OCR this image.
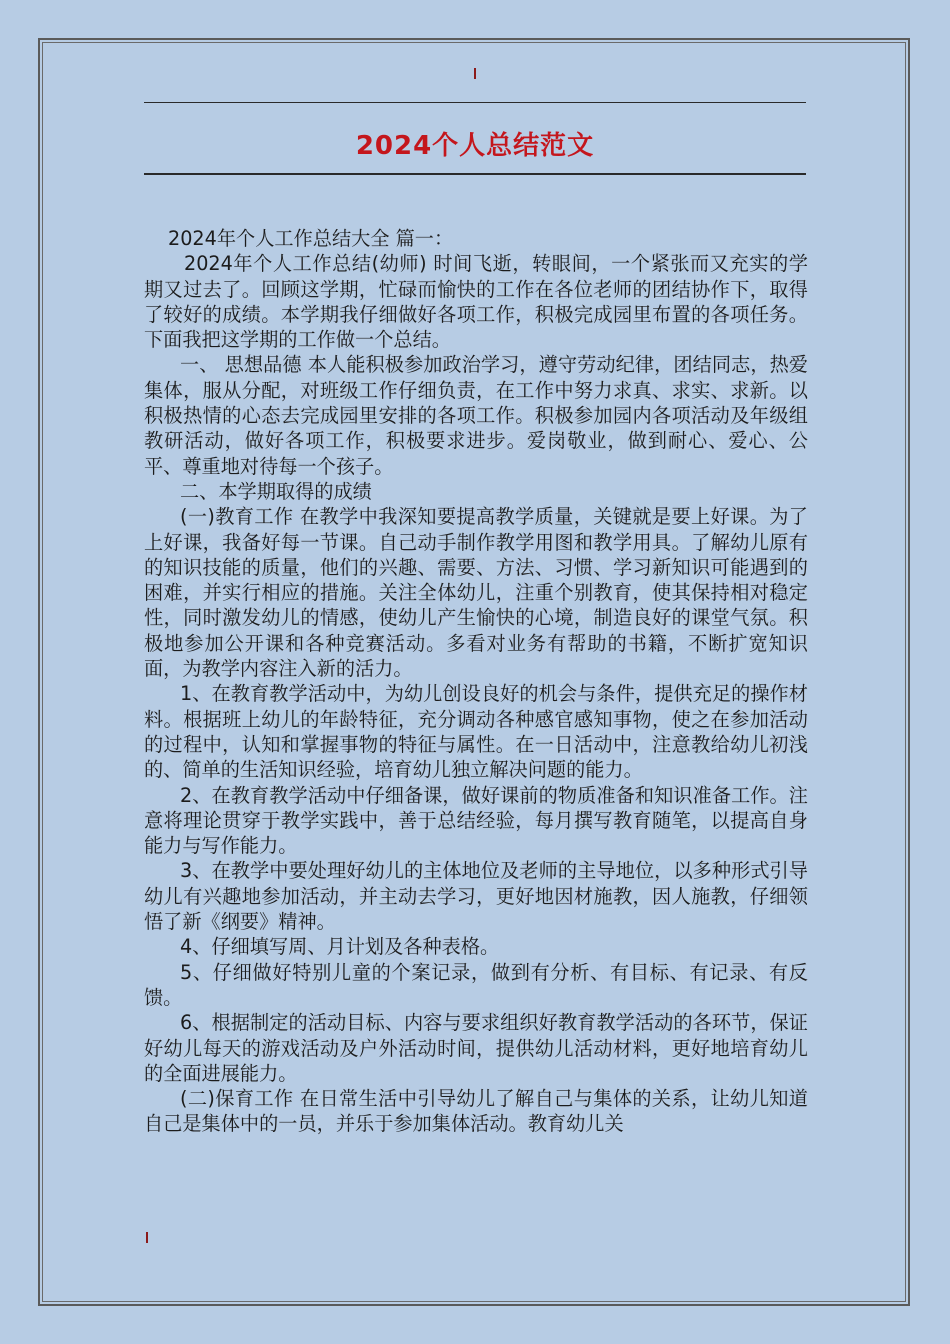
2024个人总结范文

2024年个人工作总结大全 篇一：

2024年个人工作总结(幼师) 时间飞逝，转眼间，一个紧张而又充实的学期又过去了。回顾这学期，忙碌而愉快的工作在各位老师的团结协作下，取得了较好的成绩。本学期我仔细做好各项工作，积极完成园里布置的各项任务。下面我把这学期的工作做一个总结。

一、 思想品德 本人能积极参加政治学习，遵守劳动纪律，团结同志，热爱集体，服从分配，对班级工作仔细负责，在工作中努力求真、求实、求新。以积极热情的心态去完成园里安排的各项工作。积极参加园内各项活动及年级组教研活动，做好各项工作，积极要求进步。爱岗敬业，做到耐心、爱心、公平、尊重地对待每一个孩子。

二、本学期取得的成绩

(一)教育工作 在教学中我深知要提高教学质量，关键就是要上好课。为了上好课，我备好每一节课。自己动手制作教学用图和教学用具。了解幼儿原有的知识技能的质量，他们的兴趣、需要、方法、习惯、学习新知识可能遇到的困难，并实行相应的措施。关注全体幼儿，注重个别教育，使其保持相对稳定性，同时激发幼儿的情感，使幼儿产生愉快的心境，制造良好的课堂气氛。积极地参加公开课和各种竞赛活动。多看对业务有帮助的书籍，不断扩宽知识面，为教学内容注入新的活力。

1、在教育教学活动中，为幼儿创设良好的机会与条件，提供充足的操作材料。根据班上幼儿的年龄特征，充分调动各种感官感知事物，使之在参加活动的过程中，认知和掌握事物的特征与属性。在一日活动中，注意教给幼儿初浅的、简单的生活知识经验，培育幼儿独立解决问题的能力。

2、在教育教学活动中仔细备课，做好课前的物质准备和知识准备工作。注意将理论贯穿于教学实践中，善于总结经验，每月撰写教育随笔，以提高自身能力与写作能力。

3、在教学中要处理好幼儿的主体地位及老师的主导地位，以多种形式引导幼儿有兴趣地参加活动，并主动去学习，更好地因材施教，因人施教，仔细领悟了新《纲要》精神。

4、仔细填写周、月计划及各种表格。

5、仔细做好特别儿童的个案记录，做到有分析、有目标、有记录、有反馈。

6、根据制定的活动目标、内容与要求组织好教育教学活动的各环节，保证好幼儿每天的游戏活动及户外活动时间，提供幼儿活动材料，更好地培育幼儿的全面进展能力。

(二)保育工作 在日常生活中引导幼儿了解自己与集体的关系，让幼儿知道自己是集体中的一员，并乐于参加集体活动。教育幼儿关
